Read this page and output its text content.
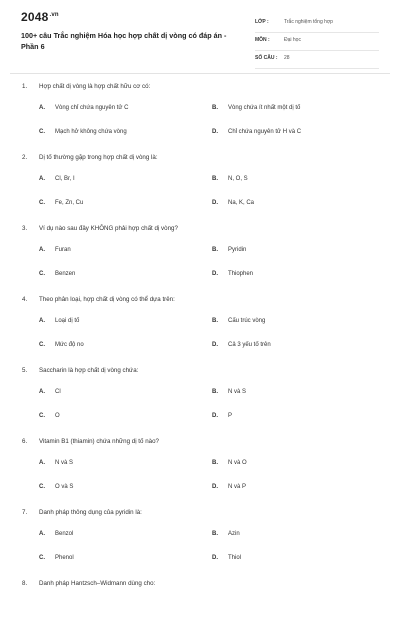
$2048^{.vn}$
100+ câu Trắc nghiệm Hóa học hợp chất dị vòng có đáp án - Phần 6
LỚP :	Trắc nghiệm tổng hợp
MÔN :	Đại học
SỐ CÂU : 28
1. Hợp chất dị vòng là hợp chất hữu cơ có:
A. Vòng chỉ chứa nguyên tử C	B. Vòng chứa ít nhất một dị tố
C. Mạch hở không chứa vòng	D. Chỉ chứa nguyên tử H và C
2. Dị tố thường gặp trong hợp chất dị vòng là:
A. Cl, Br, I	B. N, O, S
C. Fe, Zn, Cu	D. Na, K, Ca
3. Ví dụ nào sau đây KHÔNG phải hợp chất dị vòng?
A. Furan	B. Pyridin
C. Benzen	D. Thiophen
4. Theo phân loại, hợp chất dị vòng có thể dựa trên:
A. Loại dị tố	B. Cấu trúc vòng
C. Mức độ no	D. Cả 3 yếu tố trên
5. Saccharin là hợp chất dị vòng chứa:
A. Cl	B. N và S
C. O	D. P
6. Vitamin B1 (thiamin) chứa những dị tố nào?
A. N và S	B. N và O
C. O và S	D. N và P
7. Danh pháp thông dụng của pyridin là:
A. Benzol	B. Azin
C. Phenol	D. Thiol
8. Danh pháp Hantzsch–Widmann dùng cho:
